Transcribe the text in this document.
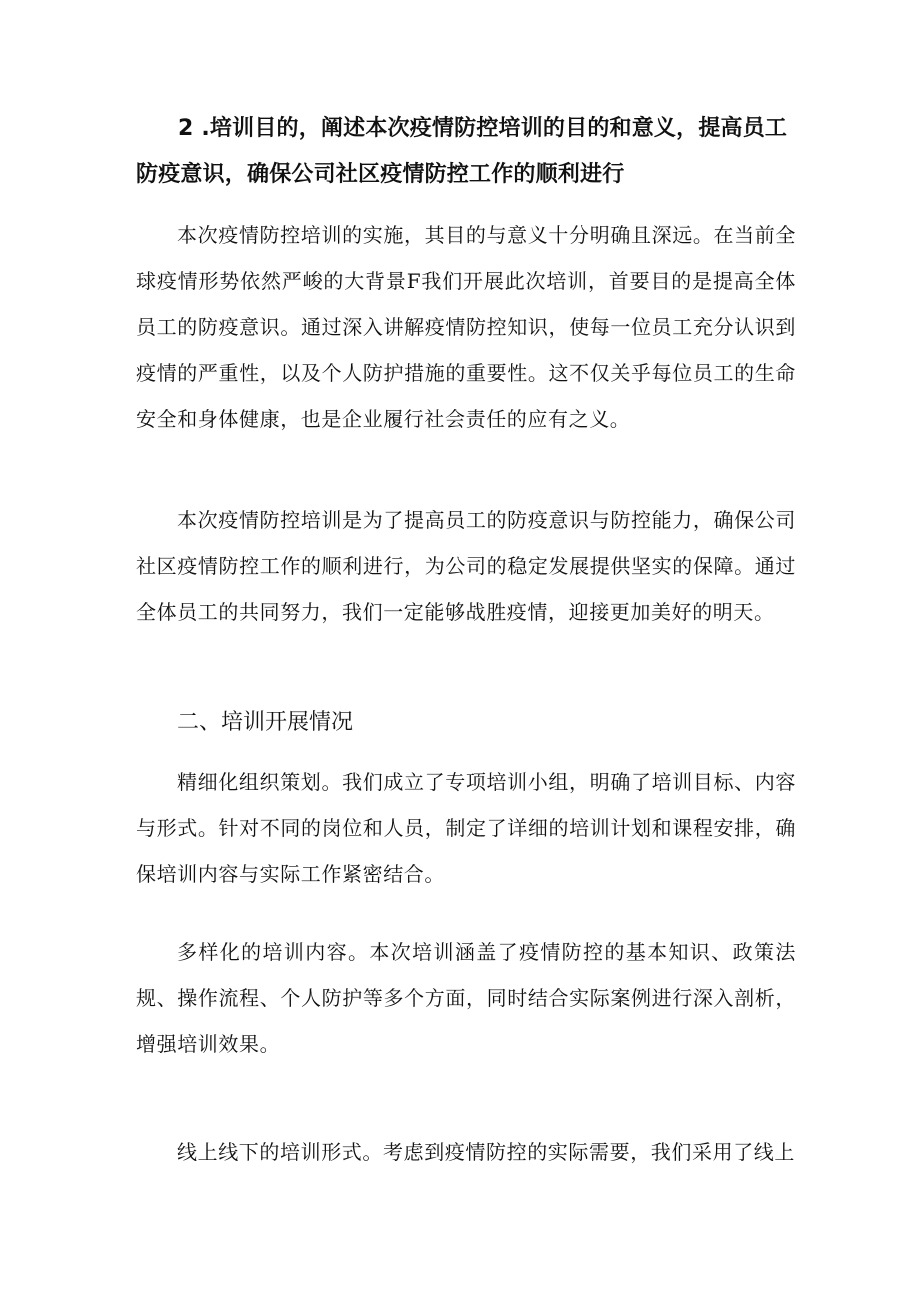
2 .培训目的，阐述本次疫情防控培训的目的和意义，提高员工防疫意识，确保公司社区疫情防控工作的顺利进行

本次疫情防控培训的实施，其目的与意义十分明确且深远。在当前全球疫情形势依然严峻的大背景F我们开展此次培训，首要目的是提高全体员工的防疫意识。通过深入讲解疫情防控知识，使每一位员工充分认识到疫情的严重性，以及个人防护措施的重要性。这不仅关乎每位员工的生命安全和身体健康，也是企业履行社会责任的应有之义。

本次疫情防控培训是为了提高员工的防疫意识与防控能力，确保公司社区疫情防控工作的顺利进行，为公司的稳定发展提供坚实的保障。通过全体员工的共同努力，我们一定能够战胜疫情，迎接更加美好的明天。

二、培训开展情况

精细化组织策划。我们成立了专项培训小组，明确了培训目标、内容与形式。针对不同的岗位和人员，制定了详细的培训计划和课程安排，确保培训内容与实际工作紧密结合。

多样化的培训内容。本次培训涵盖了疫情防控的基本知识、政策法规、操作流程、个人防护等多个方面，同时结合实际案例进行深入剖析，增强培训效果。

线上线下的培训形式。考虑到疫情防控的实际需要，我们采用了线上
